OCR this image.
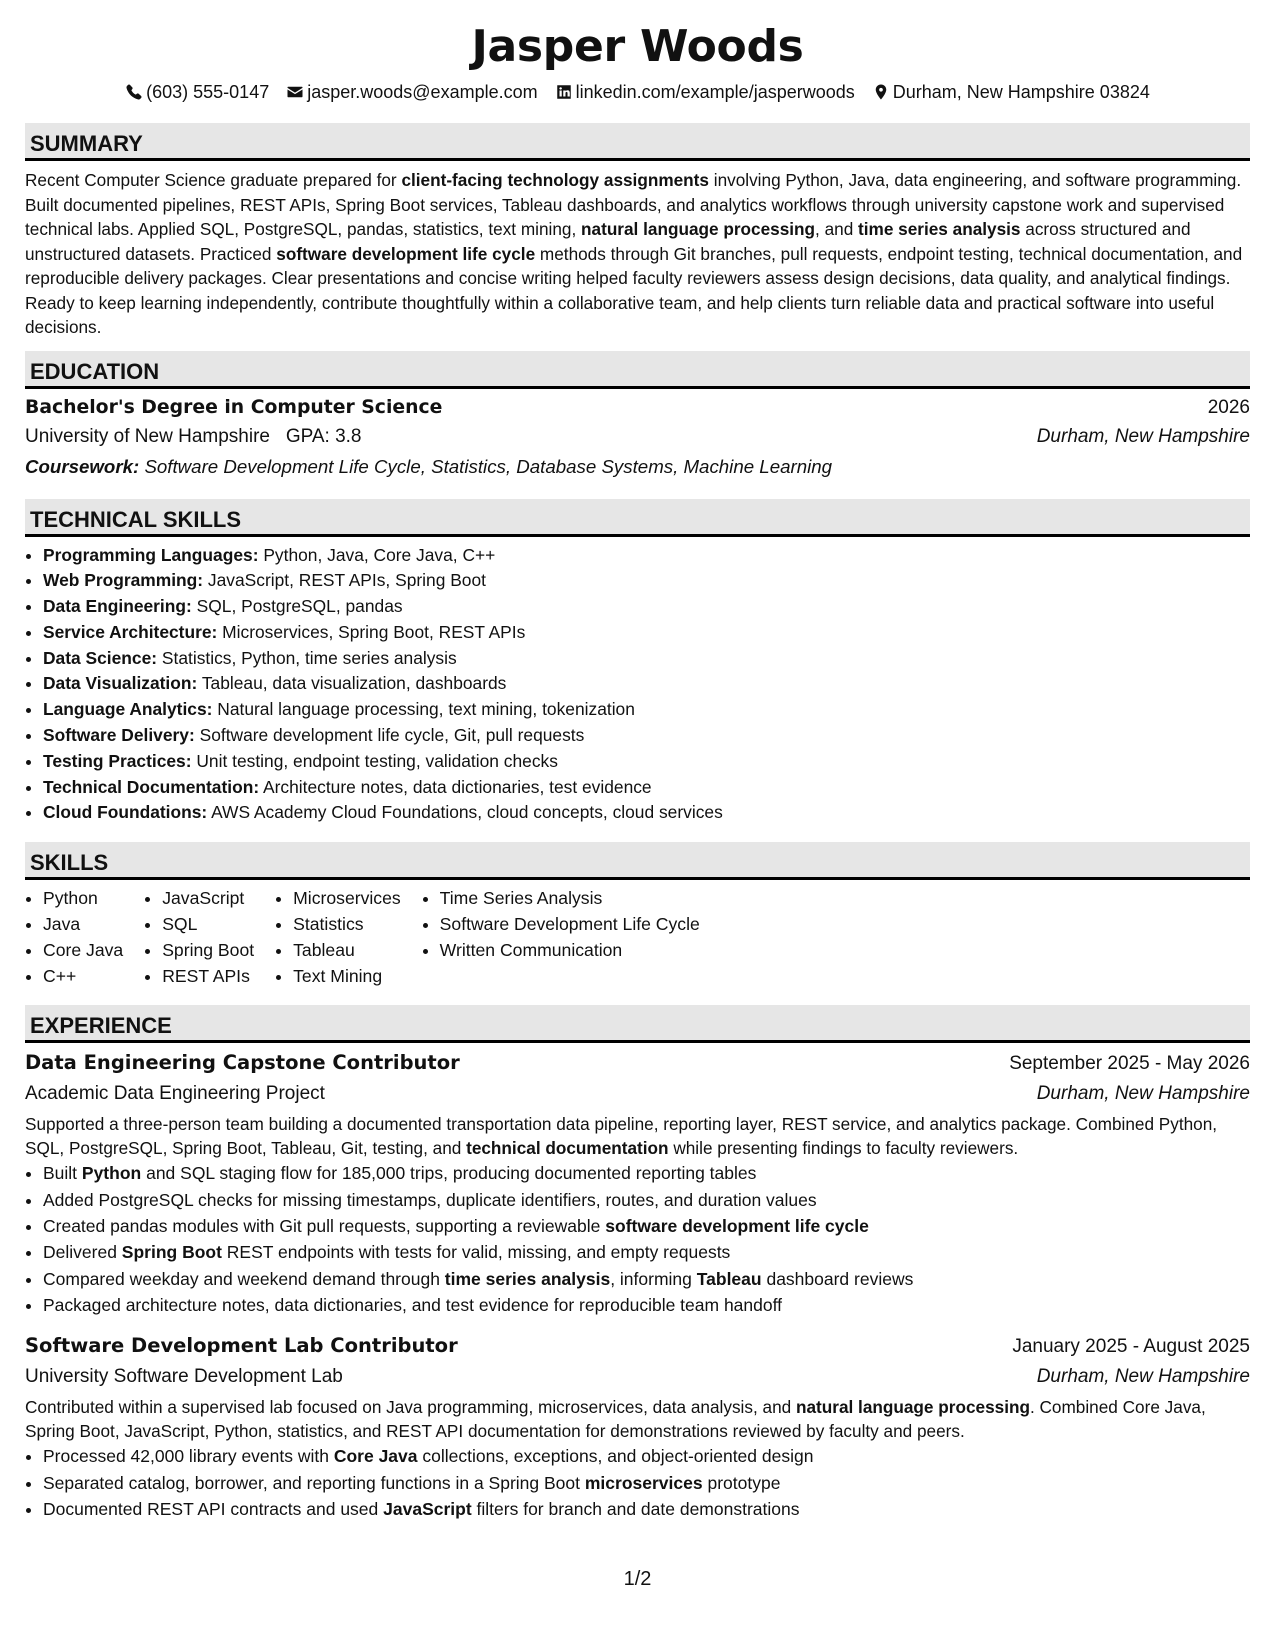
Jasper Woods
(603) 555-0147 jasper.woods@example.com linkedin.com/example/jasperwoods Durham, New Hampshire 03824
SUMMARY

Recent Computer Science graduate prepared for client-facing technology assignments involving Python, Java, data engineering, and software programming. Built documented pipelines, REST APIs, Spring Boot services, Tableau dashboards, and analytics workflows through university capstone work and supervised technical labs. Applied SQL, PostgreSQL, pandas, statistics, text mining, natural language processing, and time series analysis across structured and unstructured datasets. Practiced software development life cycle methods through Git branches, pull requests, endpoint testing, technical documentation, and reproducible delivery packages. Clear presentations and concise writing helped faculty reviewers assess design decisions, data quality, and analytical findings. Ready to keep learning independently, contribute thoughtfully within a collaborative team, and help clients turn reliable data and practical software into useful decisions.

EDUCATION
Bachelor's Degree in Computer Science	2026
University of New Hampshire GPA: 3.8	Durham, New Hampshire
Coursework: Software Development Life Cycle, Statistics, Database Systems, Machine Learning
TECHNICAL SKILLS
• Programming Languages: Python, Java, Core Java, C++
• Web Programming: JavaScript, REST APIs, Spring Boot
• Data Engineering: SQL, PostgreSQL, pandas
• Service Architecture: Microservices, Spring Boot, REST APIs
• Data Science: Statistics, Python, time series analysis
• Data Visualization: Tableau, data visualization, dashboards
• Language Analytics: Natural language processing, text mining, tokenization
• Software Delivery: Software development life cycle, Git, pull requests
• Testing Practices: Unit testing, endpoint testing, validation checks
• Technical Documentation: Architecture notes, data dictionaries, test evidence
• Cloud Foundations: AWS Academy Cloud Foundations, cloud concepts, cloud services
SKILLS
• Python
• Java
• Core Java
• C++
• JavaScript
• SQL
• Spring Boot
• REST APIs
• Microservices
• Statistics
• Tableau
• Text Mining
• Time Series Analysis
• Software Development Life Cycle
• Written Communication
EXPERIENCE
Data Engineering Capstone Contributor	September 2025 - May 2026
Academic Data Engineering Project	Durham, New Hampshire

Supported a three-person team building a documented transportation data pipeline, reporting layer, REST service, and analytics package. Combined Python, SQL, PostgreSQL, Spring Boot, Tableau, Git, testing, and technical documentation while presenting findings to faculty reviewers.

• Built Python and SQL staging flow for 185,000 trips, producing documented reporting tables
• Added PostgreSQL checks for missing timestamps, duplicate identifiers, routes, and duration values
• Created pandas modules with Git pull requests, supporting a reviewable software development life cycle
• Delivered Spring Boot REST endpoints with tests for valid, missing, and empty requests
• Compared weekday and weekend demand through time series analysis, informing Tableau dashboard reviews
• Packaged architecture notes, data dictionaries, and test evidence for reproducible team handoff
Software Development Lab Contributor	January 2025 - August 2025
University Software Development Lab	Durham, New Hampshire

Contributed within a supervised lab focused on Java programming, microservices, data analysis, and natural language processing. Combined Core Java, Spring Boot, JavaScript, Python, statistics, and REST API documentation for demonstrations reviewed by faculty and peers.

• Processed 42,000 library events with Core Java collections, exceptions, and object-oriented design
• Separated catalog, borrower, and reporting functions in a Spring Boot microservices prototype
• Documented REST API contracts and used JavaScript filters for branch and date demonstrations
1/2
